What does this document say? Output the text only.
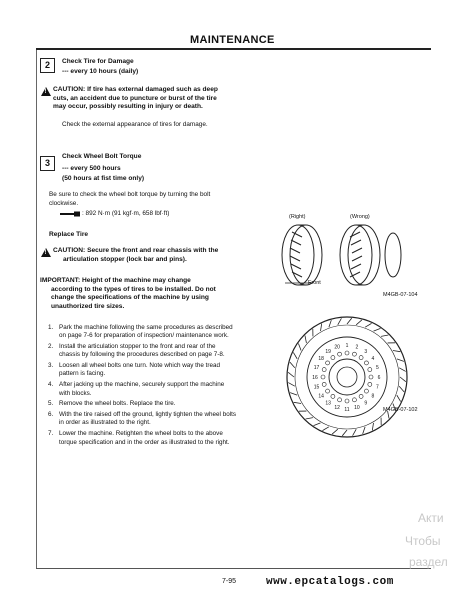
MAINTENANCE
2	Check Tire for Damage
--- every 10 hours (daily)
!
CAUTION: If tire has external damaged such as deep
cuts, an accident due to puncture or burst of the tire
may occur, possibly resulting in injury or death.
Check the external appearance of tires for damage.
3
Check Wheel Bolt Torque
--- every 500 hours
(50 hours at fist time only)
Be sure to check the wheel bolt torque by turning the bolt
clockwise.
: 892 N·m (91 kgf·m, 658 lbf·ft)
Replace Tire
!
CAUTION: Secure the front and rear chassis with the
articulation stopper (lock bar and pins).
IMPORTANT: Height of the machine may change
according to the types of tires to be installed. Do not
change the specifications of the machine by using
unauthorized tire sizes.
1. Park the machine following the same procedures as described on page 7-6 for preparation of inspection/ maintenance work.
2. Install the articulation stopper to the front and rear of the chassis by following the procedures described on page 7-8.
3. Loosen all wheel bolts one turn. Note which way the tread pattern is facing.
4. After jacking up the machine, securely support the machine with blocks.
5. Remove the wheel bolts. Replace the tire.
6. With the tire raised off the ground, lightly tighten the wheel bolts in order as illustrated to the right.
7. Lower the machine. Retighten the wheel bolts to the above torque specification and in the order as illustrated to the right.
(Right)	(Wrong)
Front
M4GB-07-104
1 2
3
4
5
6
7
8
9
10
11
12
13
14
15
16
17
18
19
20
M4GB-07-102
Акти
Чтобы
раздел
7-95	www.epcatalogs.com
